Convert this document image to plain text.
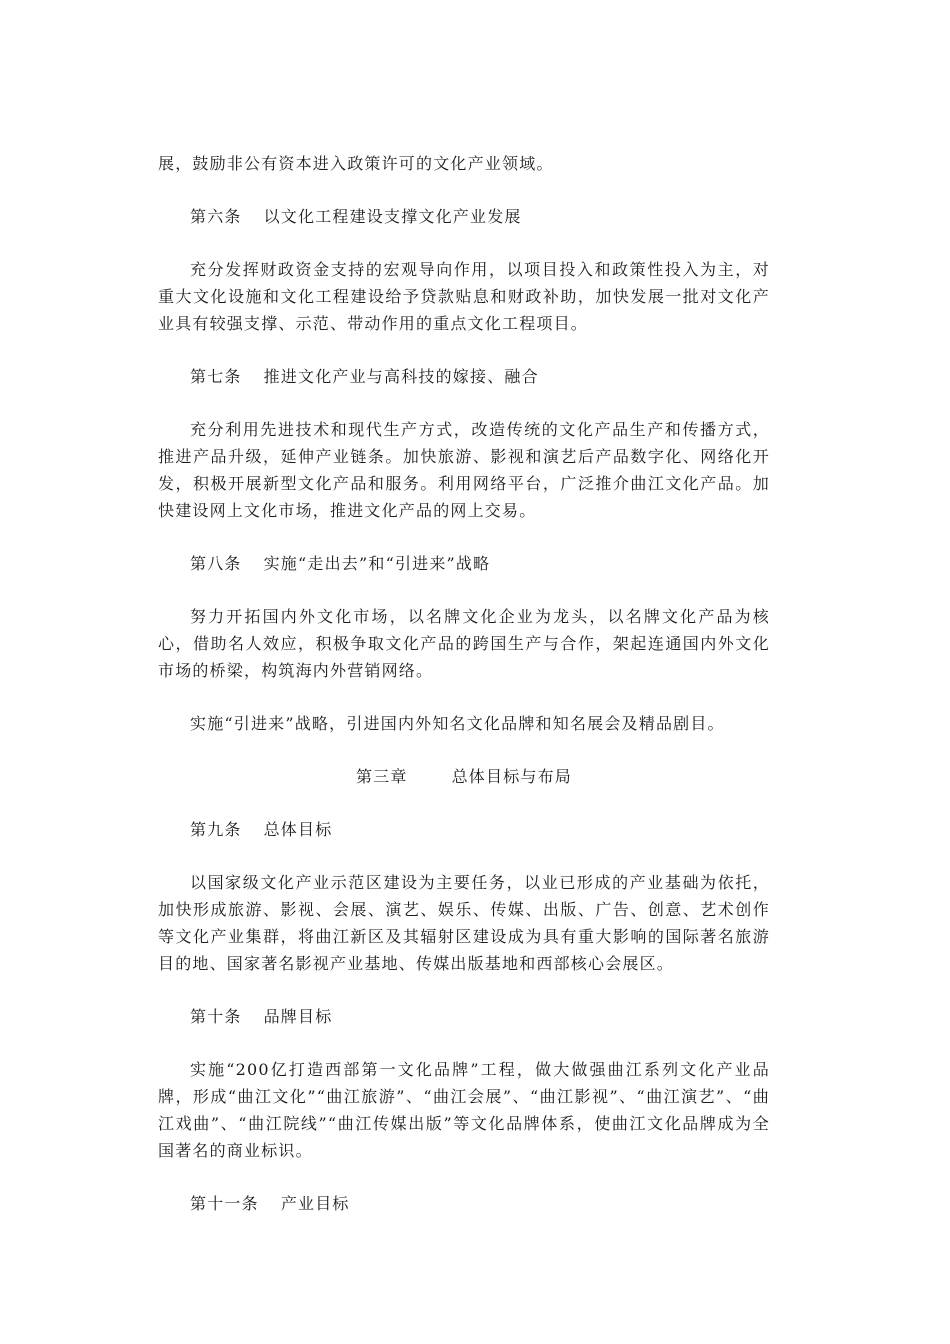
展，鼓励非公有资本进入政策许可的文化产业领域。

第六条 以文化工程建设支撑文化产业发展

充分发挥财政资金支持的宏观导向作用，以项目投入和政策性投入为主，对重大文化设施和文化工程建设给予贷款贴息和财政补助，加快发展一批对文化产业具有较强支撑、示范、带动作用的重点文化工程项目。

第七条 推进文化产业与高科技的嫁接、融合

充分利用先进技术和现代生产方式，改造传统的文化产品生产和传播方式，推进产品升级，延伸产业链条。加快旅游、影视和演艺后产品数字化、网络化开发，积极开展新型文化产品和服务。利用网络平台，广泛推介曲江文化产品。加快建设网上文化市场，推进文化产品的网上交易。

第八条 实施“走出去”和“引进来”战略

努力开拓国内外文化市场，以名牌文化企业为龙头，以名牌文化产品为核心，借助名人效应，积极争取文化产品的跨国生产与合作，架起连通国内外文化市场的桥梁，构筑海内外营销网络。

实施“引进来”战略，引进国内外知名文化品牌和知名展会及精品剧目。

第三章	总体目标与布局
第九条 总体目标

以国家级文化产业示范区建设为主要任务，以业已形成的产业基础为依托，加快形成旅游、影视、会展、演艺、娱乐、传媒、出版、广告、创意、艺术创作等文化产业集群，将曲江新区及其辐射区建设成为具有重大影响的国际著名旅游目的地、国家著名影视产业基地、传媒出版基地和西部核心会展区。

第十条 品牌目标

实施“200亿打造西部第一文化品牌”工程，做大做强曲江系列文化产业品牌，形成“曲江文化”“曲江旅游”、“曲江会展”、“曲江影视”、“曲江演艺”、“曲江戏曲”、“曲江院线”“曲江传媒出版”等文化品牌体系，使曲江文化品牌成为全国著名的商业标识。

第十一条 产业目标
